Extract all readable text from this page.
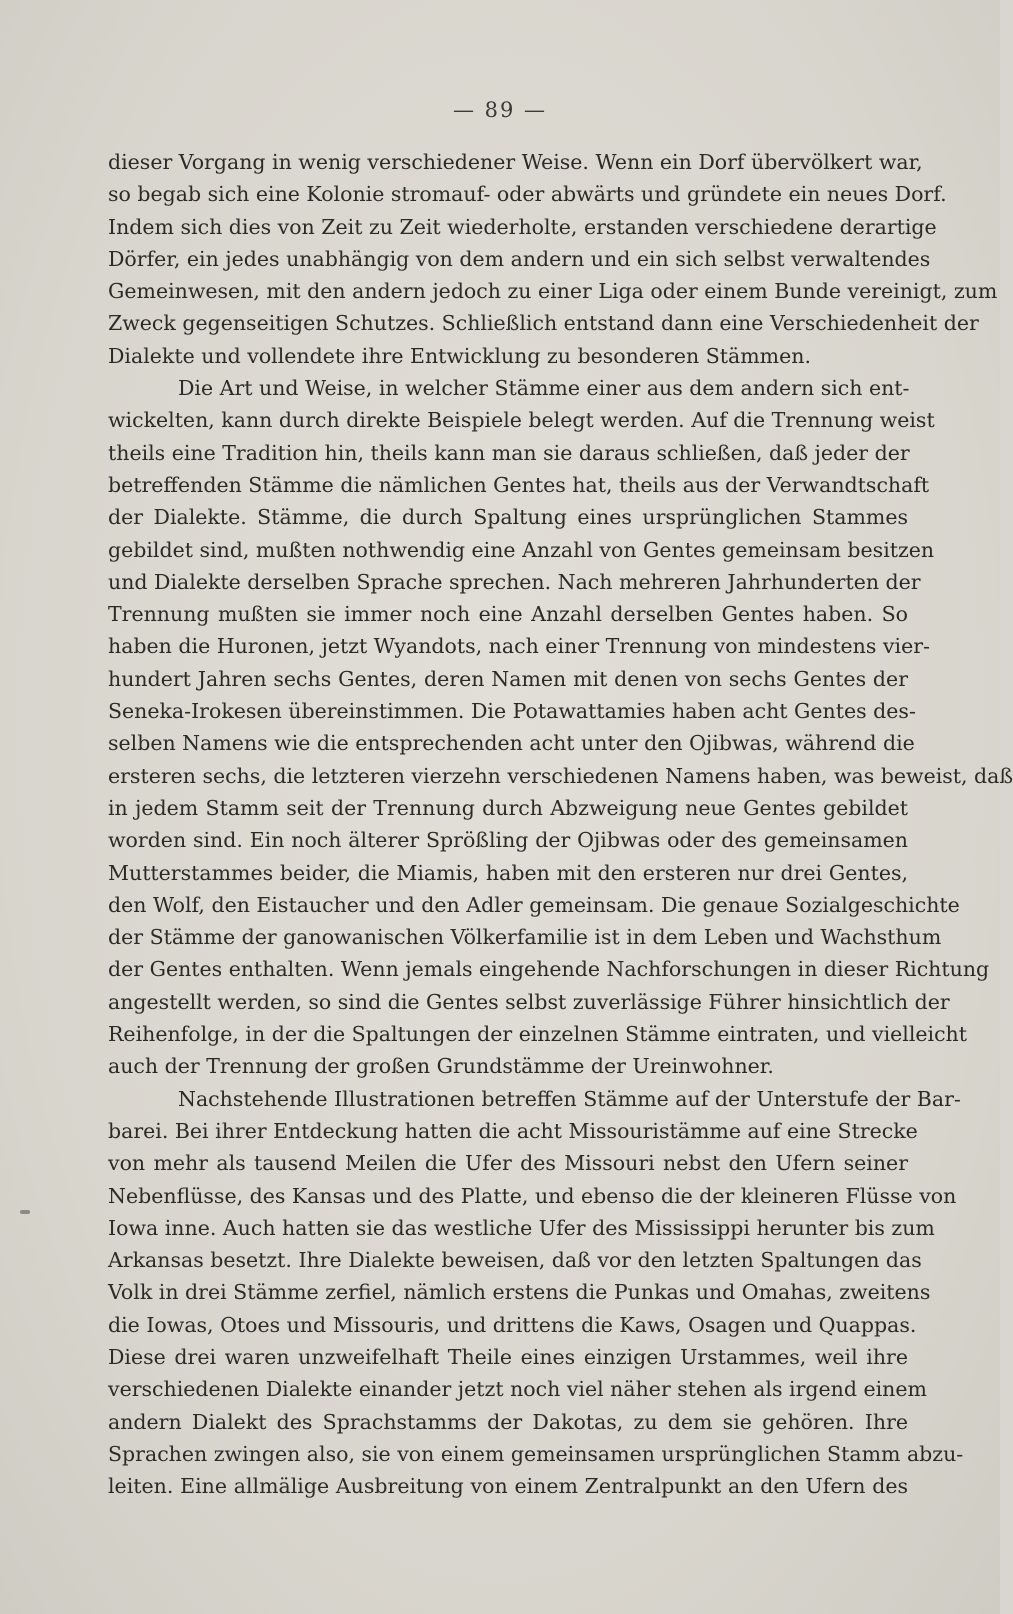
— 89 —
dieser Vorgang in wenig verschiedener Weise. Wenn ein Dorf übervölkert war,
so begab sich eine Kolonie stromauf- oder abwärts und gründete ein neues Dorf.
Indem sich dies von Zeit zu Zeit wiederholte, erstanden verschiedene derartige
Dörfer, ein jedes unabhängig von dem andern und ein sich selbst verwaltendes
Gemeinwesen, mit den andern jedoch zu einer Liga oder einem Bunde vereinigt, zum
Zweck gegenseitigen Schutzes. Schließlich entstand dann eine Verschiedenheit der
Dialekte und vollendete ihre Entwicklung zu besonderen Stämmen.
Die Art und Weise, in welcher Stämme einer aus dem andern sich ent-
wickelten, kann durch direkte Beispiele belegt werden. Auf die Trennung weist
theils eine Tradition hin, theils kann man sie daraus schließen, daß jeder der
betreffenden Stämme die nämlichen Gentes hat, theils aus der Verwandtschaft
der Dialekte. Stämme, die durch Spaltung eines ursprünglichen Stammes
gebildet sind, mußten nothwendig eine Anzahl von Gentes gemeinsam besitzen
und Dialekte derselben Sprache sprechen. Nach mehreren Jahrhunderten der
Trennung mußten sie immer noch eine Anzahl derselben Gentes haben. So
haben die Huronen, jetzt Wyandots, nach einer Trennung von mindestens vier-
hundert Jahren sechs Gentes, deren Namen mit denen von sechs Gentes der
Seneka-Irokesen übereinstimmen. Die Potawattamies haben acht Gentes des-
selben Namens wie die entsprechenden acht unter den Ojibwas, während die
ersteren sechs, die letzteren vierzehn verschiedenen Namens haben, was beweist, daß
in jedem Stamm seit der Trennung durch Abzweigung neue Gentes gebildet
worden sind. Ein noch älterer Sprößling der Ojibwas oder des gemeinsamen
Mutterstammes beider, die Miamis, haben mit den ersteren nur drei Gentes,
den Wolf, den Eistaucher und den Adler gemeinsam. Die genaue Sozialgeschichte
der Stämme der ganowanischen Völkerfamilie ist in dem Leben und Wachsthum
der Gentes enthalten. Wenn jemals eingehende Nachforschungen in dieser Richtung
angestellt werden, so sind die Gentes selbst zuverlässige Führer hinsichtlich der
Reihenfolge, in der die Spaltungen der einzelnen Stämme eintraten, und vielleicht
auch der Trennung der großen Grundstämme der Ureinwohner.
Nachstehende Illustrationen betreffen Stämme auf der Unterstufe der Bar-
barei. Bei ihrer Entdeckung hatten die acht Missouristämme auf eine Strecke
von mehr als tausend Meilen die Ufer des Missouri nebst den Ufern seiner
Nebenflüsse, des Kansas und des Platte, und ebenso die der kleineren Flüsse von
Iowa inne. Auch hatten sie das westliche Ufer des Mississippi herunter bis zum
Arkansas besetzt. Ihre Dialekte beweisen, daß vor den letzten Spaltungen das
Volk in drei Stämme zerfiel, nämlich erstens die Punkas und Omahas, zweitens
die Iowas, Otoes und Missouris, und drittens die Kaws, Osagen und Quappas.
Diese drei waren unzweifelhaft Theile eines einzigen Urstammes, weil ihre
verschiedenen Dialekte einander jetzt noch viel näher stehen als irgend einem
andern Dialekt des Sprachstamms der Dakotas, zu dem sie gehören. Ihre
Sprachen zwingen also, sie von einem gemeinsamen ursprünglichen Stamm abzu-
leiten. Eine allmälige Ausbreitung von einem Zentralpunkt an den Ufern des
